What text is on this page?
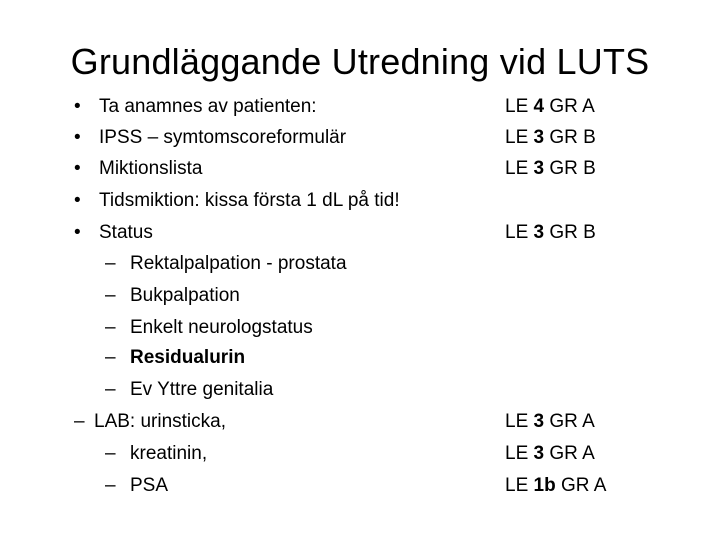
Grundläggande Utredning vid LUTS
• Ta anamnes av patienten:
• IPSS – symtomscoreformulär
• Miktionslista
• Tidsmiktion: kissa första 1 dL på tid!
• Status
– Rektalpalpation - prostata
– Bukpalpation
– Enkelt neurologstatus
– Residualurin
– Ev Yttre genitalia
– LAB: urinsticka,
– kreatinin,
– PSA
LE 4 GR A
LE 3 GR B
LE 3 GR B
LE 3 GR B
LE 3 GR A
LE 3 GR A
LE 1b GR A
